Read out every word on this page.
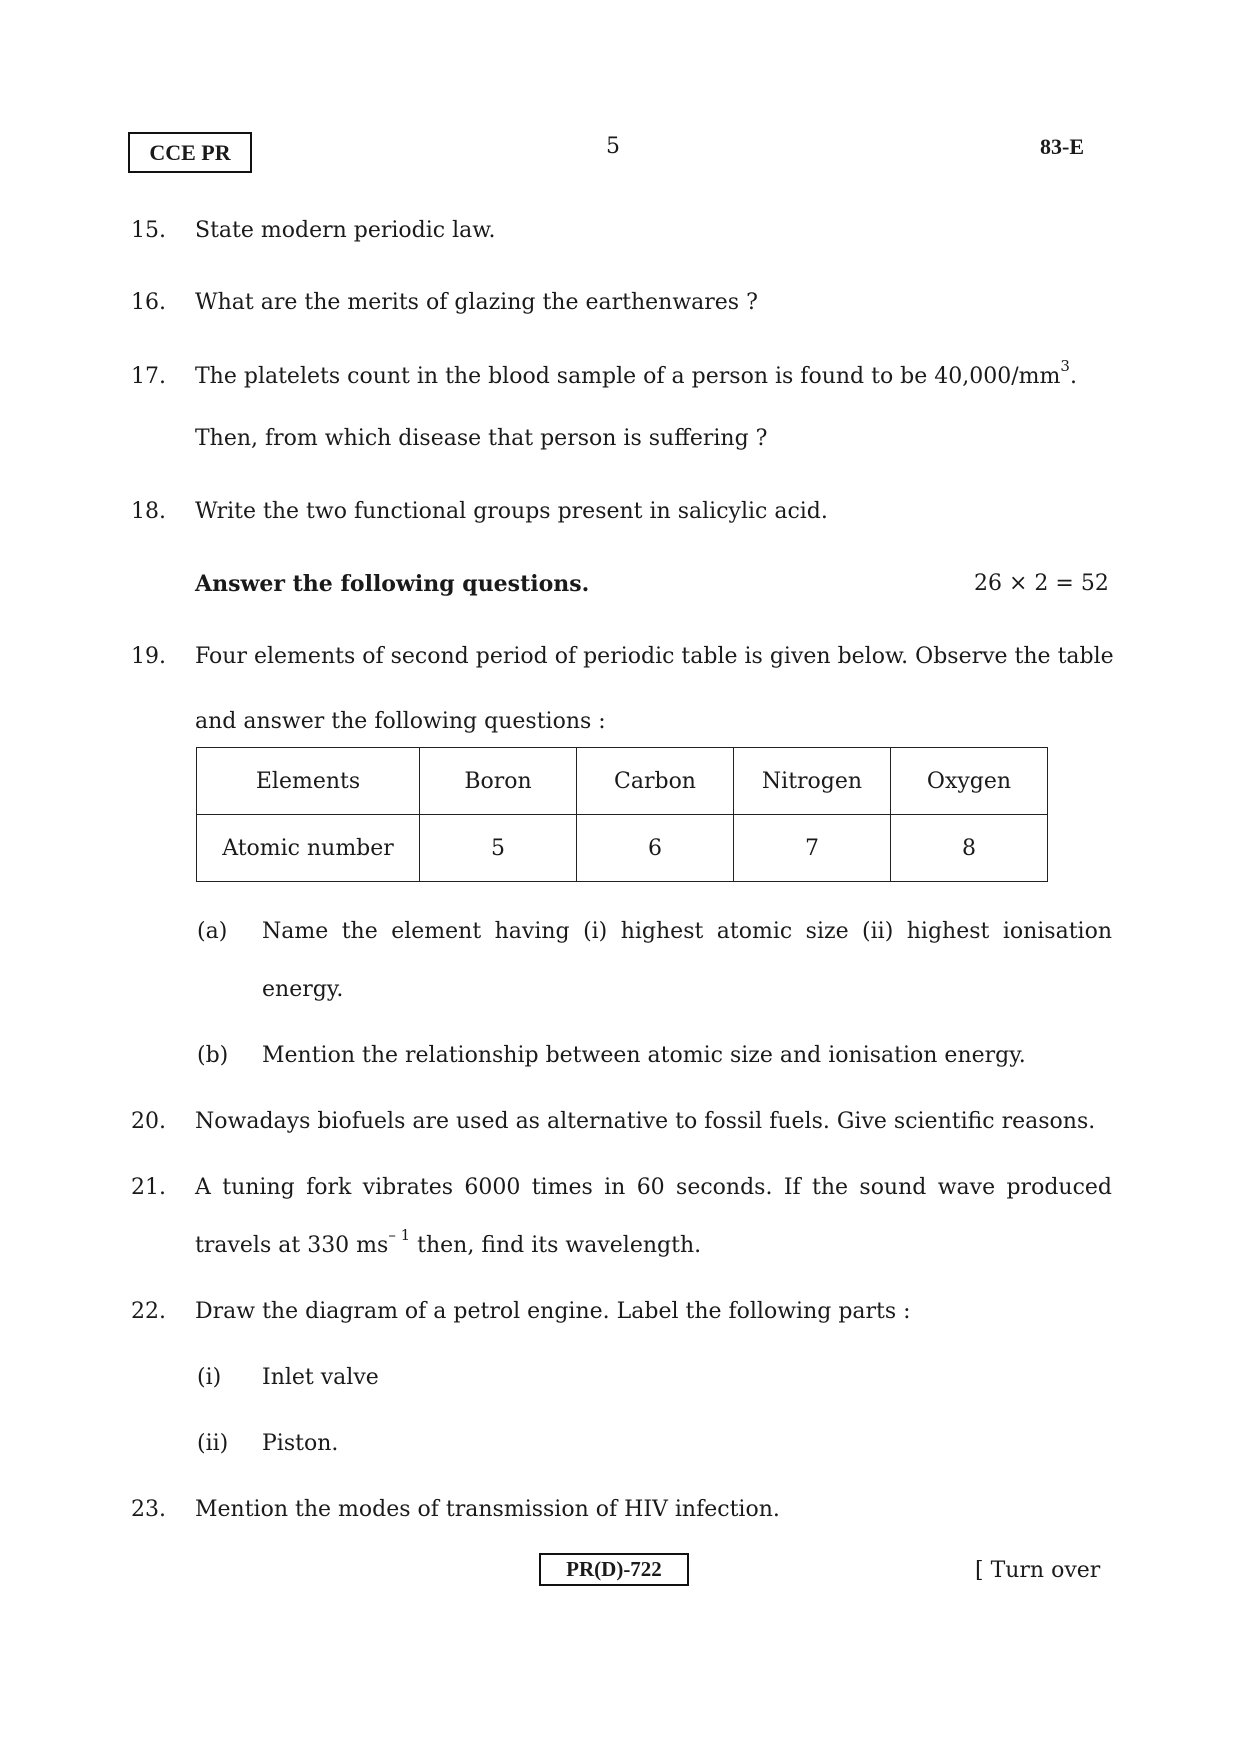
CCE PR	5	83-E
15. State modern periodic law.
16. What are the merits of glazing the earthenwares ?
17. The platelets count in the blood sample of a person is found to be $40,000/mm^3$.
Then, from which disease that person is suffering ?
18. Write the two functional groups present in salicylic acid.
Answer the following questions.	26 × 2 = 52
19. Four elements of second period of periodic table is given below. Observe the table
and answer the following questions :
Elements	Boron	Carbon	Nitrogen	Oxygen
Atomic number	5	6	7	8
(a) Name the element having (i) highest atomic size (ii) highest ionisation
energy.
(b) Mention the relationship between atomic size and ionisation energy.
20. Nowadays biofuels are used as alternative to fossil fuels. Give scientific reasons.
21. A tuning fork vibrates 6000 times in 60 seconds. If the sound wave produced
travels at 330 $ms^{- 1}$ then, find its wavelength.
22. Draw the diagram of a petrol engine. Label the following parts :
(i) Inlet valve
(ii) Piston.
23. Mention the modes of transmission of HIV infection.
PR(D)-722	[ Turn over
